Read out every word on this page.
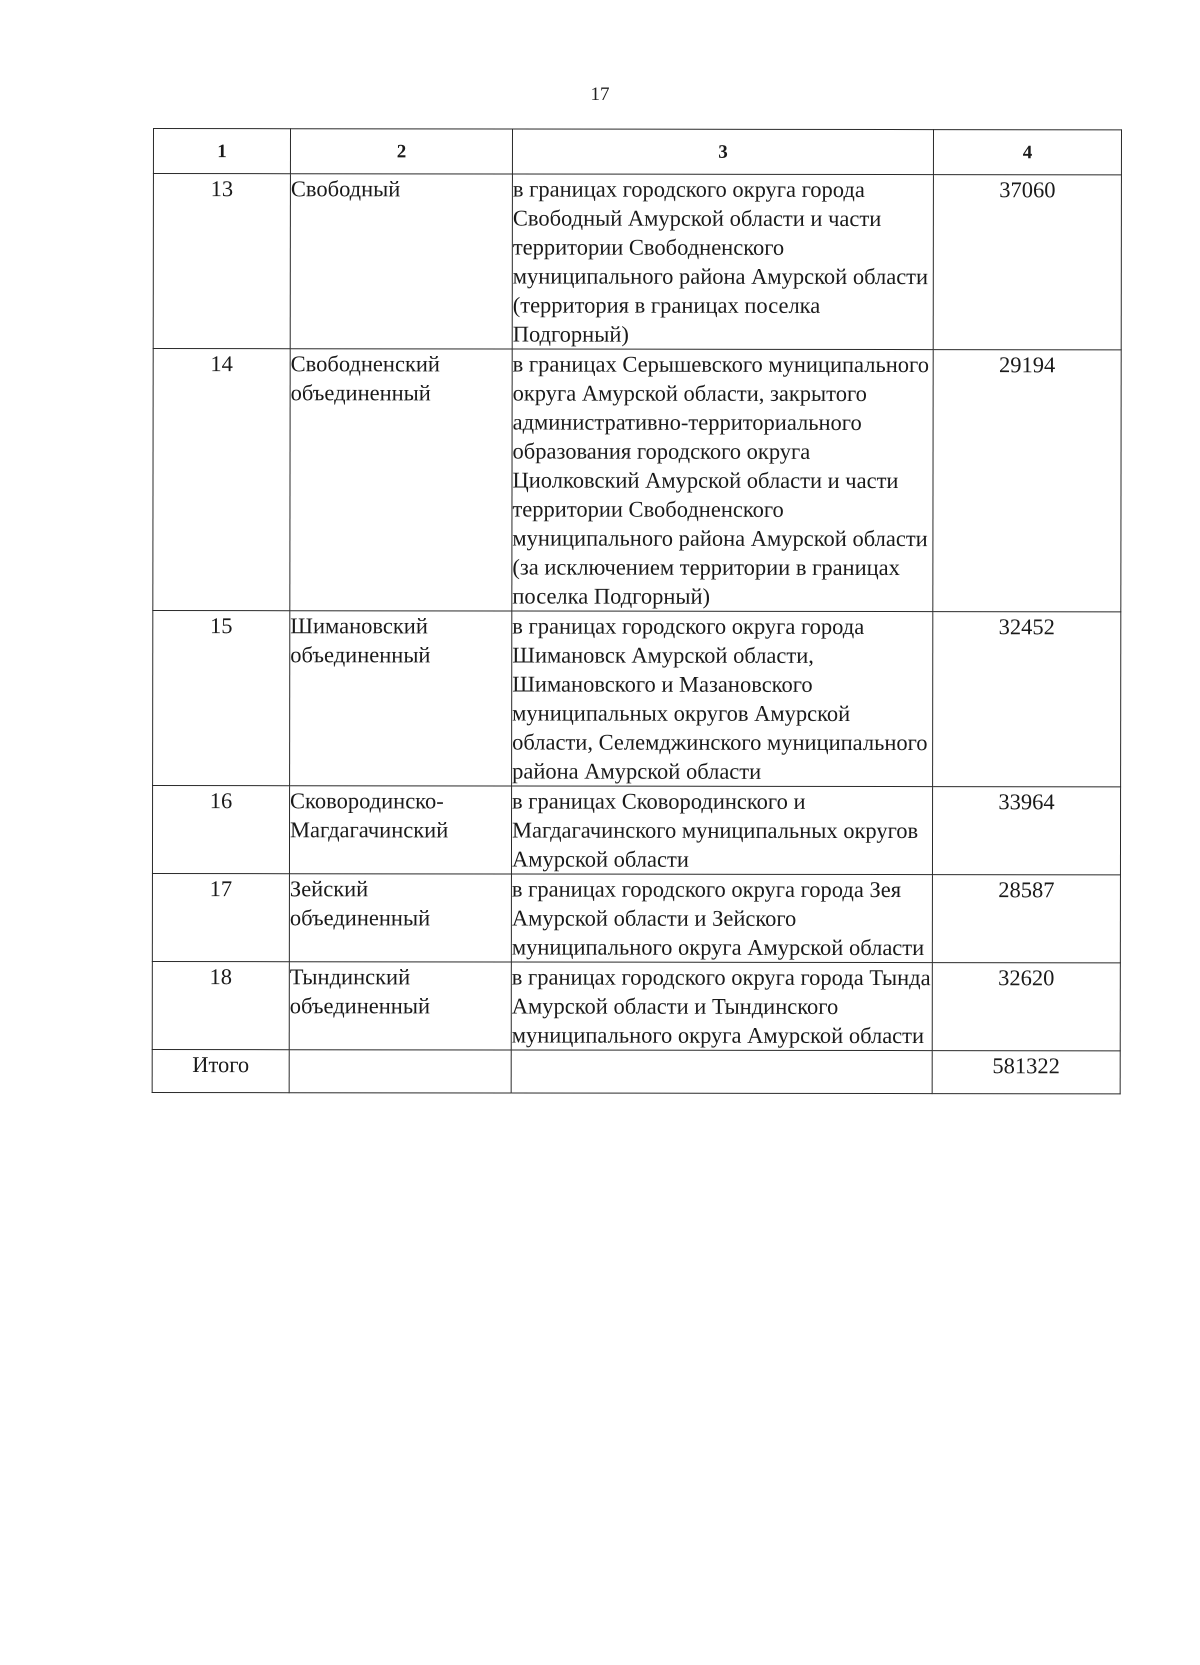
17
1	2	3	4
13	Свободный	в границах городского округа города Свободный Амурской области и части территории Свободненского муниципального района Амурской области (территория в границах поселка Подгорный)	37060
14	Свободненский объединенный	в границах Серышевского муниципального округа Амурской области, закрытого административно-территориального образования городского округа Циолковский Амурской области и части территории Свободненского муниципального района Амурской области (за исключением территории в границах поселка Подгорный)	29194
15	Шимановский объединенный	в границах городского округа города Шимановск Амурской области, Шимановского и Мазановского муниципальных округов Амурской области, Селемджинского муниципального района Амурской области	32452
16	Сковородинско-Магдагачинский	в границах Сковородинского и Магдагачинского муниципальных округов Амурской области	33964
17	Зейский объединенный	в границах городского округа города Зея Амурской области и Зейского муниципального округа Амурской области	28587
18	Тындинский объединенный	в границах городского округа города Тында Амурской области и Тындинского муниципального округа Амурской области	32620
Итого			581322
